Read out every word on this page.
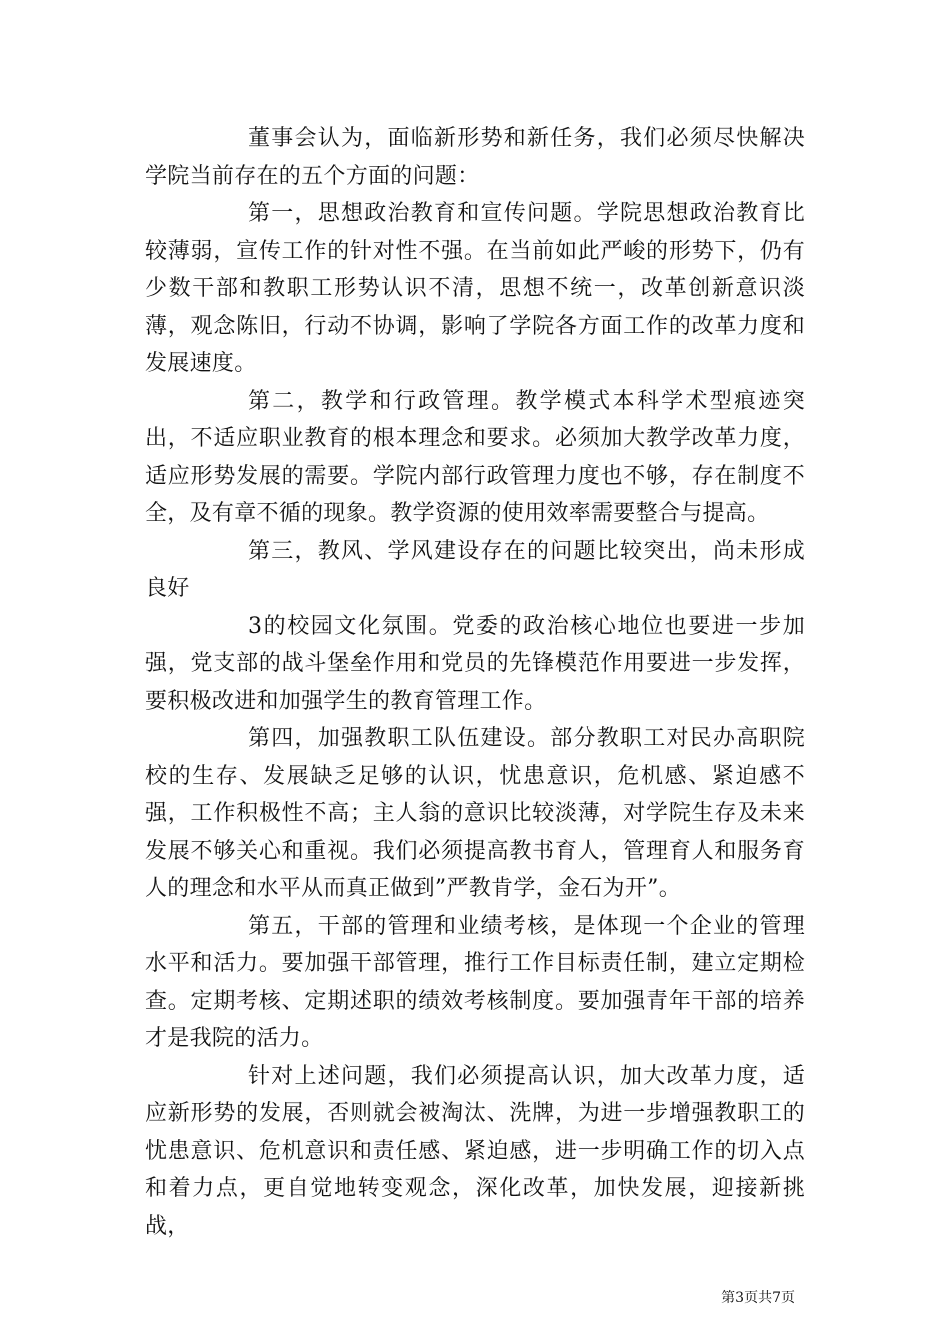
董事会认为，面临新形势和新任务，我们必须尽快解决学院当前存在的五个方面的问题：

第一，思想政治教育和宣传问题。学院思想政治教育比较薄弱，宣传工作的针对性不强。在当前如此严峻的形势下，仍有少数干部和教职工形势认识不清，思想不统一，改革创新意识淡薄，观念陈旧，行动不协调，影响了学院各方面工作的改革力度和发展速度。

第二，教学和行政管理。教学模式本科学术型痕迹突出，不适应职业教育的根本理念和要求。必须加大教学改革力度，适应形势发展的需要。学院内部行政管理力度也不够，存在制度不全，及有章不循的现象。教学资源的使用效率需要整合与提高。

第三，教风、学风建设存在的问题比较突出，尚未形成良好

3的校园文化氛围。党委的政治核心地位也要进一步加强，党支部的战斗堡垒作用和党员的先锋模范作用要进一步发挥，要积极改进和加强学生的教育管理工作。

第四，加强教职工队伍建设。部分教职工对民办高职院校的生存、发展缺乏足够的认识，忧患意识，危机感、紧迫感不强，工作积极性不高；主人翁的意识比较淡薄，对学院生存及未来发展不够关心和重视。我们必须提高教书育人，管理育人和服务育人的理念和水平从而真正做到”严教肯学，金石为开”。

第五，干部的管理和业绩考核，是体现一个企业的管理水平和活力。要加强干部管理，推行工作目标责任制，建立定期检查。定期考核、定期述职的绩效考核制度。要加强青年干部的培养才是我院的活力。

针对上述问题，我们必须提高认识，加大改革力度，适应新形势的发展，否则就会被淘汰、洗牌，为进一步增强教职工的忧患意识、危机意识和责任感、紧迫感，进一步明确工作的切入点和着力点，更自觉地转变观念，深化改革，加快发展，迎接新挑战，

第3页共7页
